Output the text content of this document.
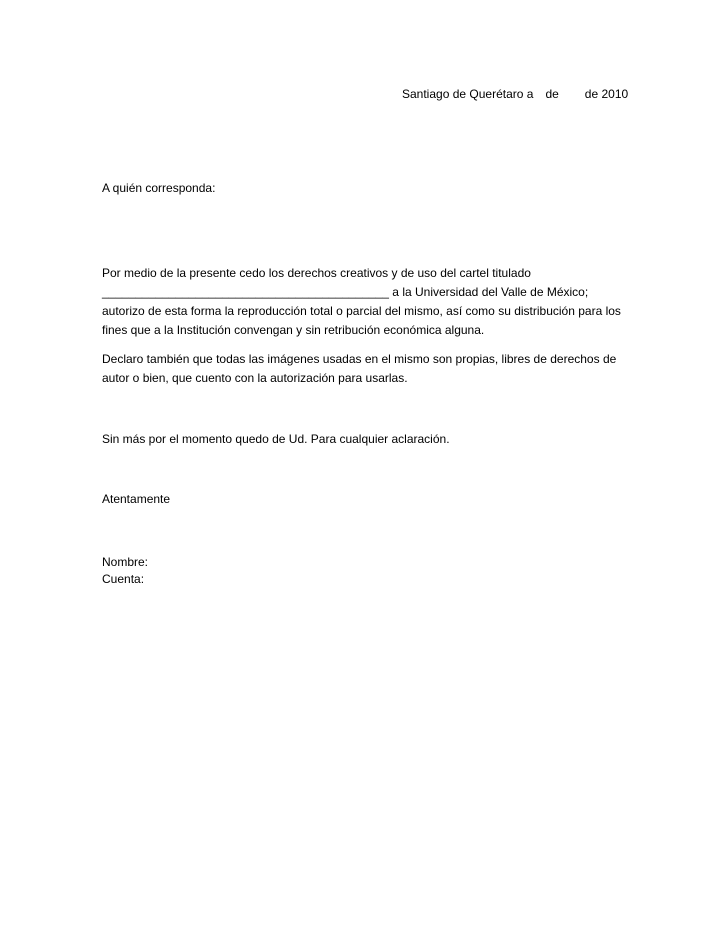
Santiago de Querétaro a de de 2010
A quién corresponda:
Por medio de la presente cedo los derechos creativos y de uso del cartel titulado
___________________________________________ a la Universidad del Valle de México;
autorizo de esta forma la reproducción total o parcial del mismo, así como su distribución para los
fines que a la Institución convengan y sin retribución económica alguna.
Declaro también que todas las imágenes usadas en el mismo son propias, libres de derechos de
autor o bien, que cuento con la autorización para usarlas.
Sin más por el momento quedo de Ud. Para cualquier aclaración.
Atentamente
Nombre:
Cuenta:
